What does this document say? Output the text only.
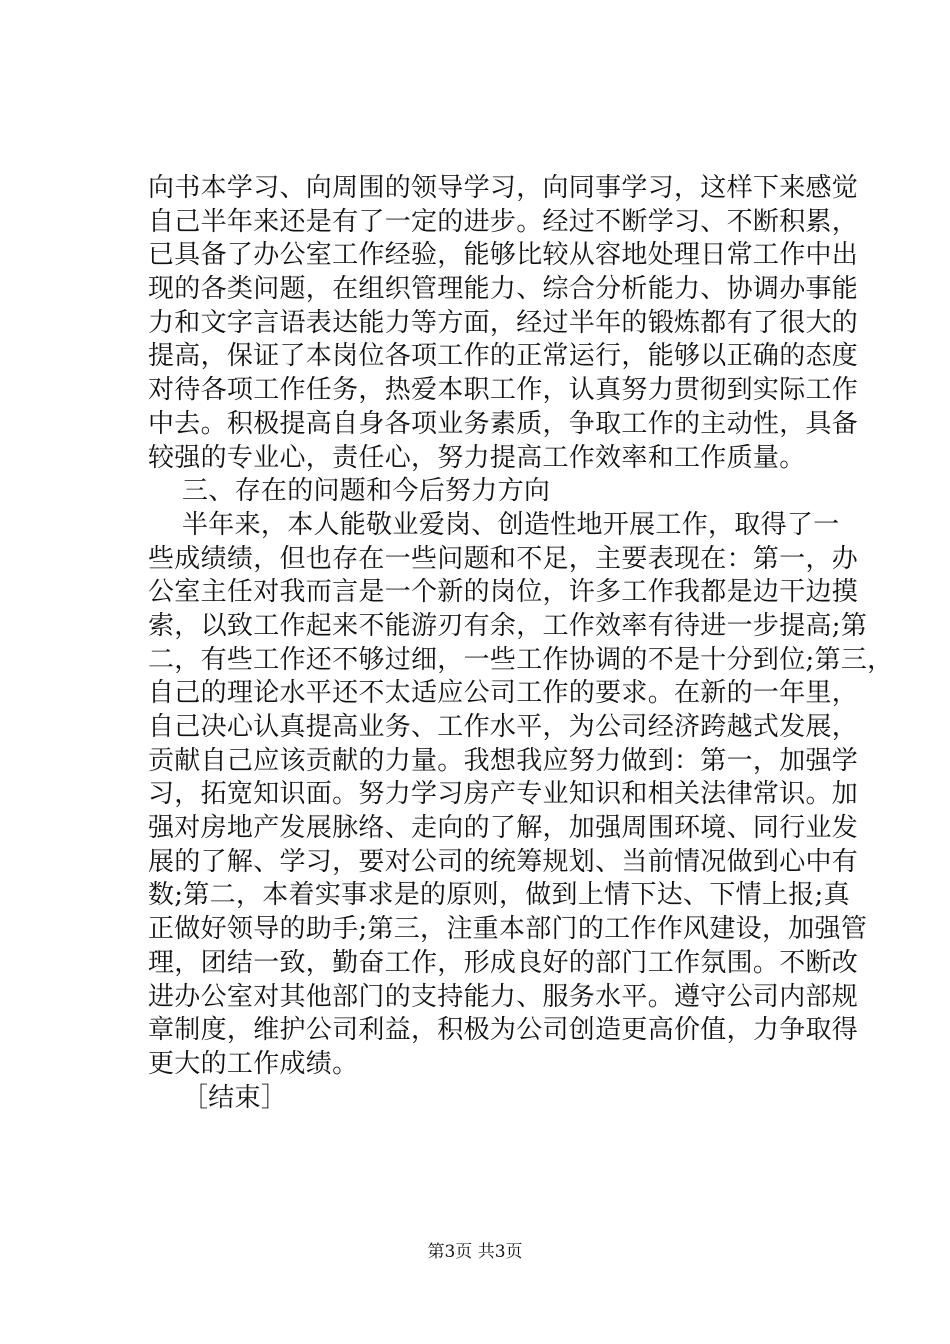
向书本学习、向周围的领导学习，向同事学习，这样下来感觉
自己半年来还是有了一定的进步。经过不断学习、不断积累，
已具备了办公室工作经验，能够比较从容地处理日常工作中出
现的各类问题，在组织管理能力、综合分析能力、协调办事能
力和文字言语表达能力等方面，经过半年的锻炼都有了很大的
提高，保证了本岗位各项工作的正常运行，能够以正确的态度
对待各项工作任务，热爱本职工作，认真努力贯彻到实际工作
中去。积极提高自身各项业务素质，争取工作的主动性，具备
较强的专业心，责任心，努力提高工作效率和工作质量。
三、存在的问题和今后努力方向
半年来，本人能敬业爱岗、创造性地开展工作，取得了一
些成绩绩，但也存在一些问题和不足，主要表现在：第一，办
公室主任对我而言是一个新的岗位，许多工作我都是边干边摸
索，以致工作起来不能游刃有余，工作效率有待进一步提高;第
二，有些工作还不够过细，一些工作协调的不是十分到位;第三，
自己的理论水平还不太适应公司工作的要求。在新的一年里，
自己决心认真提高业务、工作水平，为公司经济跨越式发展，
贡献自己应该贡献的力量。我想我应努力做到：第一，加强学
习，拓宽知识面。努力学习房产专业知识和相关法律常识。加
强对房地产发展脉络、走向的了解，加强周围环境、同行业发
展的了解、学习，要对公司的统筹规划、当前情况做到心中有
数;第二，本着实事求是的原则，做到上情下达、下情上报;真
正做好领导的助手;第三，注重本部门的工作作风建设，加强管
理，团结一致，勤奋工作，形成良好的部门工作氛围。不断改
进办公室对其他部门的支持能力、服务水平。遵守公司内部规
章制度，维护公司利益，积极为公司创造更高价值，力争取得
更大的工作成绩。
［结束］
第3页 共3页
